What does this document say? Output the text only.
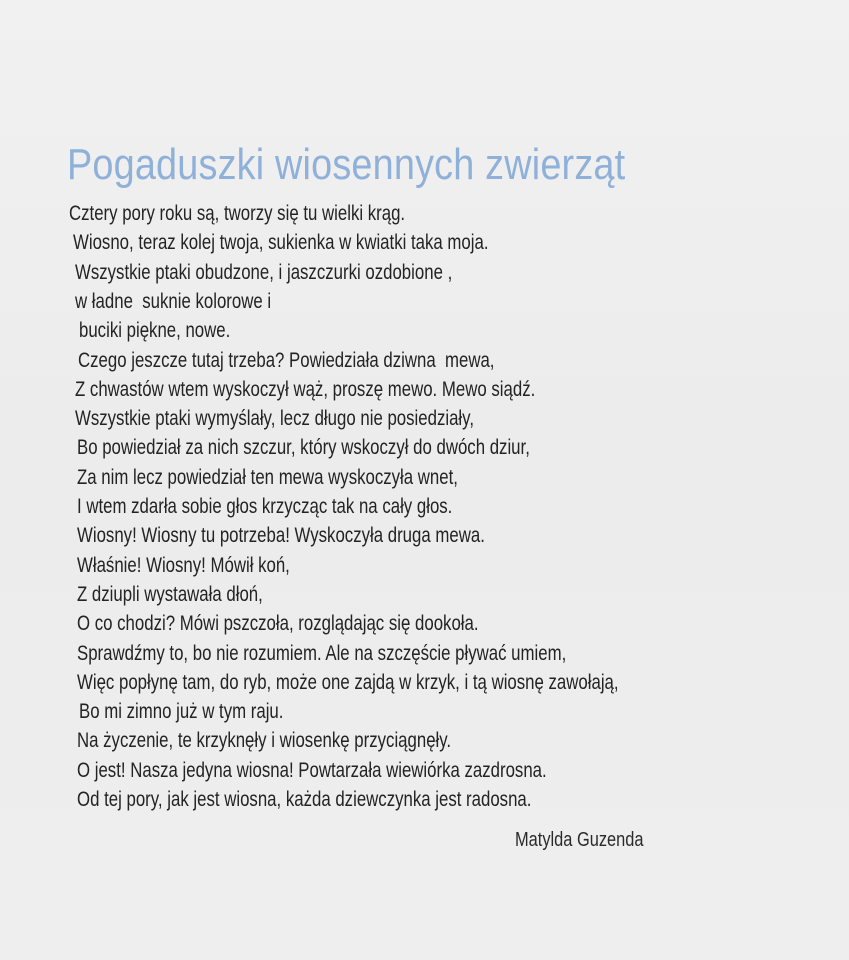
Pogaduszki wiosennych zwierząt
Cztery pory roku są, tworzy się tu wielki krąg.
Wiosno, teraz kolej twoja, sukienka w kwiatki taka moja.
Wszystkie ptaki obudzone, i jaszczurki ozdobione ,
w ładne  suknie kolorowe i
buciki piękne, nowe.
Czego jeszcze tutaj trzeba? Powiedziała dziwna  mewa,
Z chwastów wtem wyskoczył wąż, proszę mewo. Mewo siądź.
Wszystkie ptaki wymyślały, lecz długo nie posiedziały,
Bo powiedział za nich szczur, który wskoczył do dwóch dziur,
Za nim lecz powiedział ten mewa wyskoczyła wnet,
I wtem zdarła sobie głos krzycząc tak na cały głos.
Wiosny! Wiosny tu potrzeba! Wyskoczyła druga mewa.
Właśnie! Wiosny! Mówił koń,
Z dziupli wystawała dłoń,
O co chodzi? Mówi pszczoła, rozglądając się dookoła.
Sprawdźmy to, bo nie rozumiem. Ale na szczęście pływać umiem,
Więc popłynę tam, do ryb, może one zajdą w krzyk, i tą wiosnę zawołają,
Bo mi zimno już w tym raju.
Na życzenie, te krzyknęły i wiosenkę przyciągnęły.
O jest! Nasza jedyna wiosna! Powtarzała wiewiórka zazdrosna.
Od tej pory, jak jest wiosna, każda dziewczynka jest radosna.
Matylda Guzenda
